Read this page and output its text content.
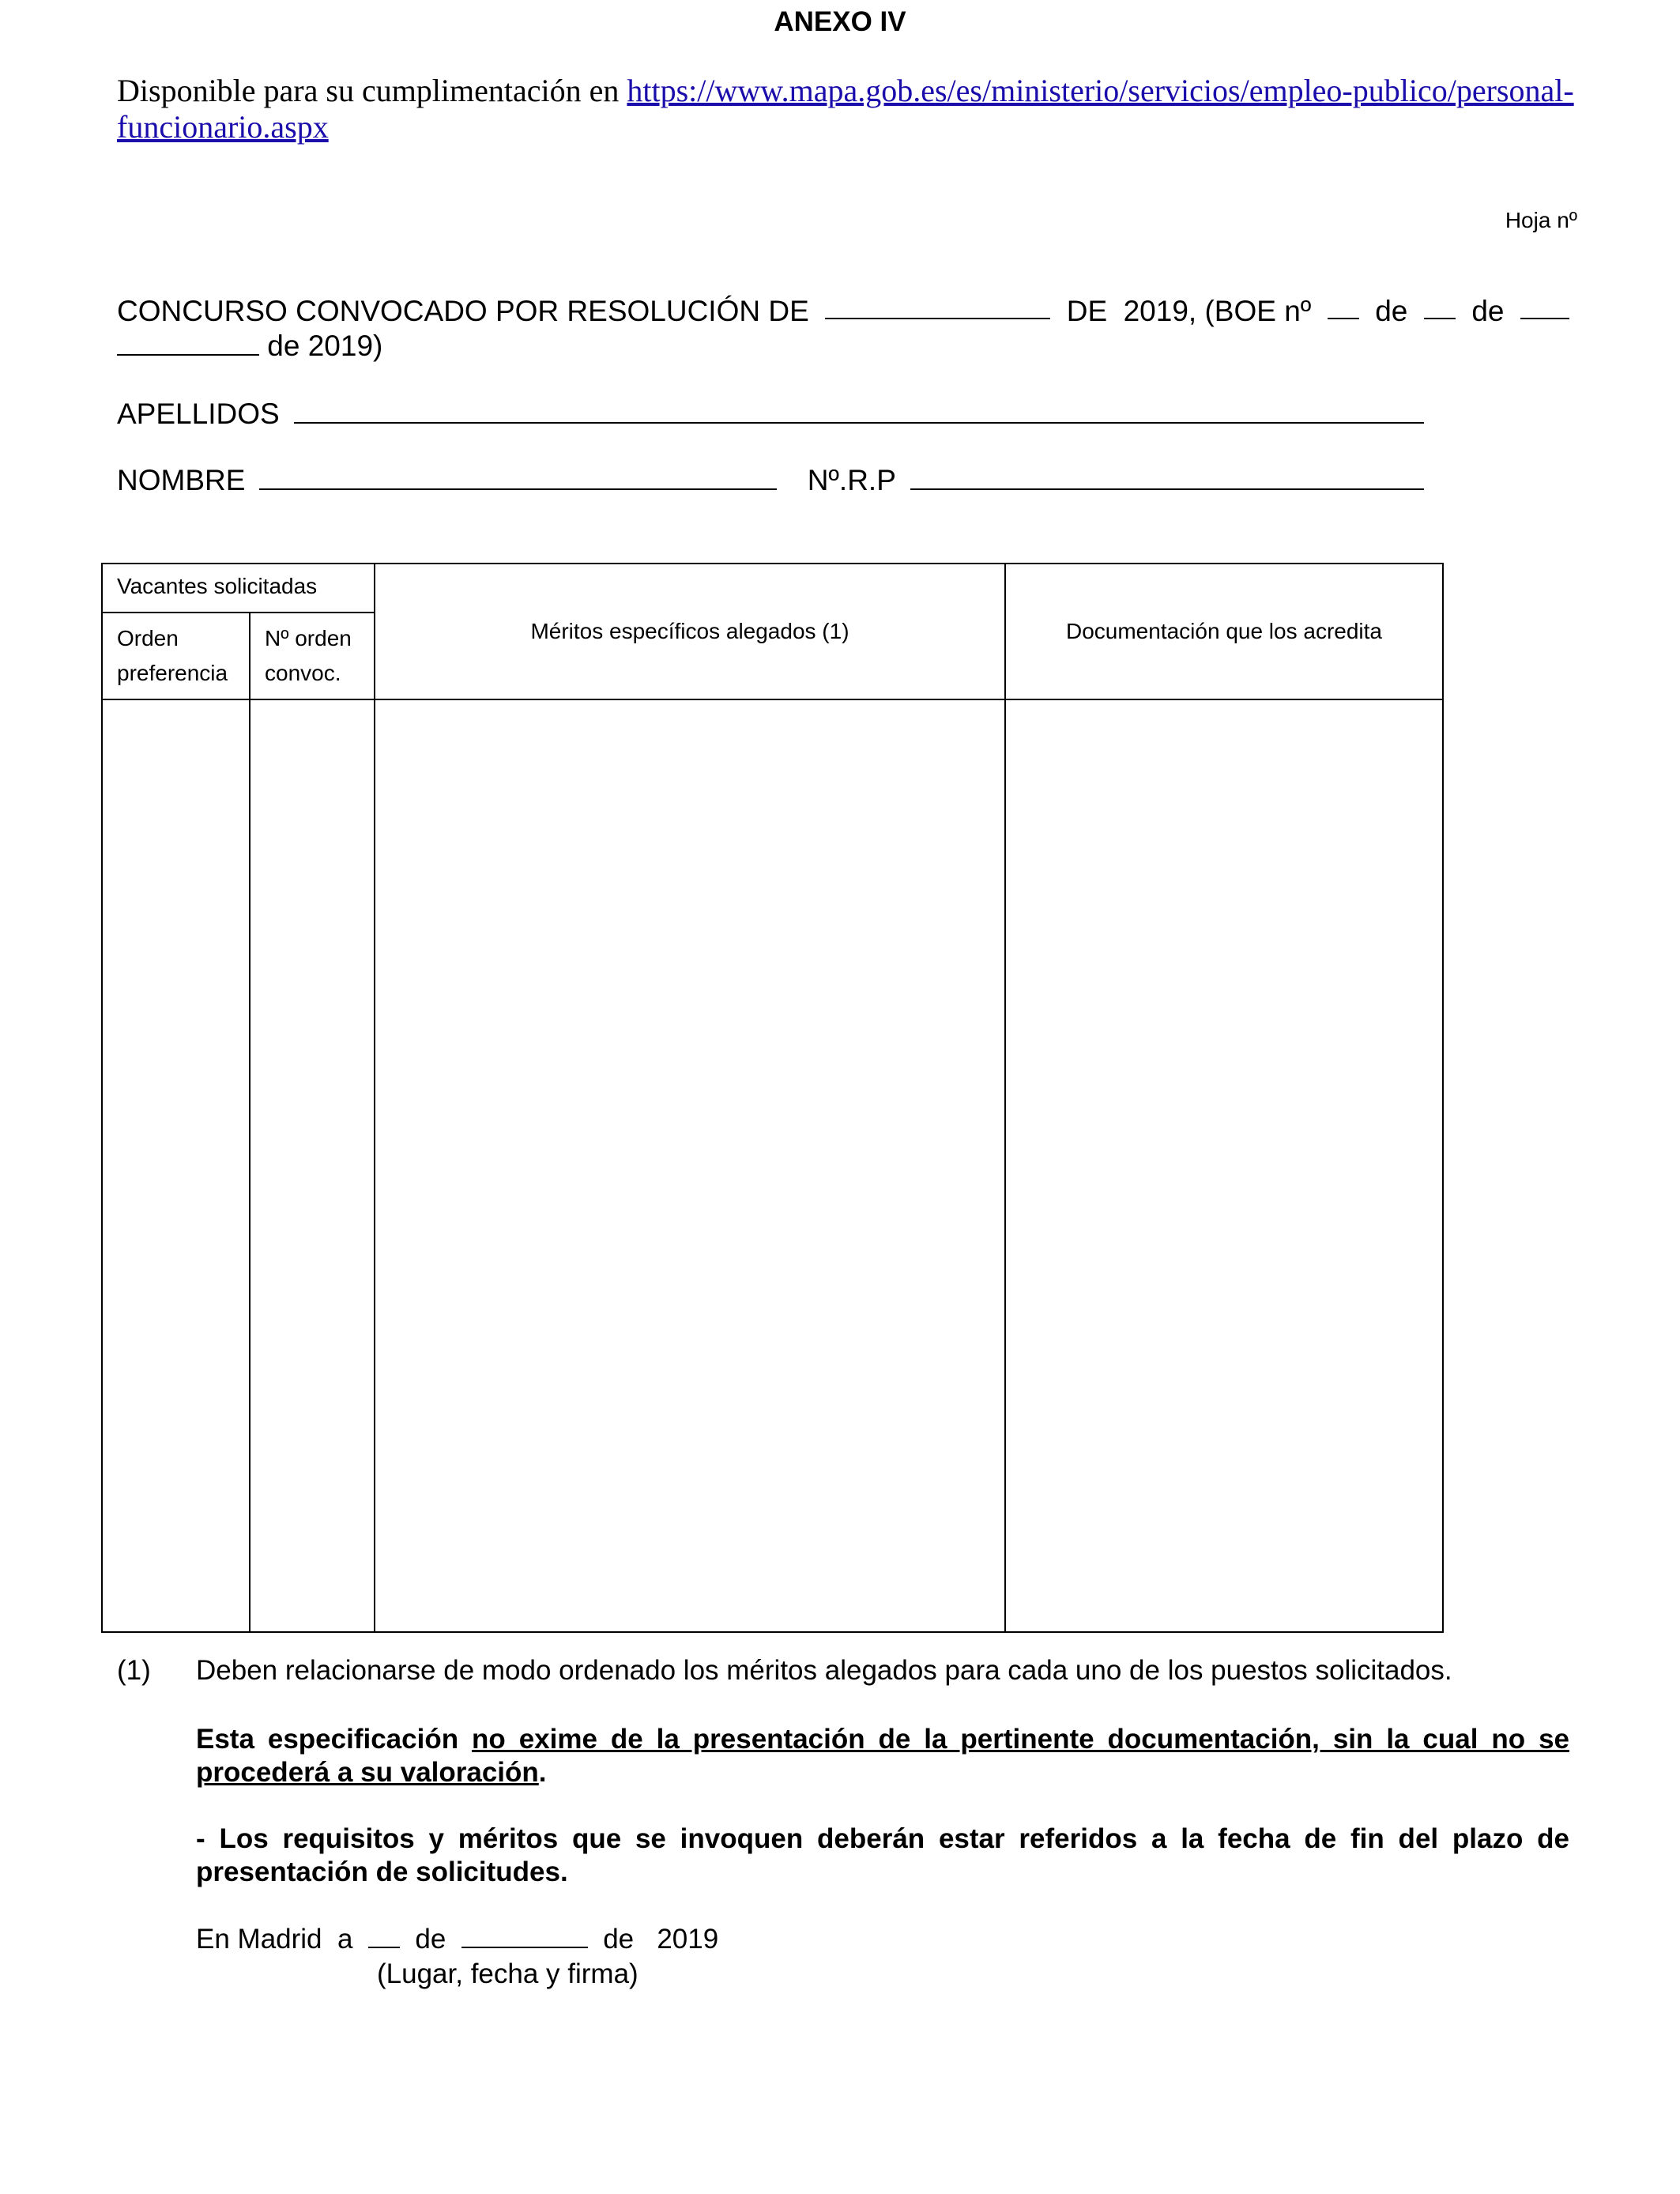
ANEXO IV
Disponible para su cumplimentación en https://www.mapa.gob.es/es/ministerio/servicios/empleo-publico/personal-funcionario.aspx
Hoja nº
CONCURSO CONVOCADO POR RESOLUCIÓN DE	DE 2019, (BOE nº de de
de 2019)
APELLIDOS
NOMBRE	Nº.R.P
Vacantes solicitadas		Méritos específicos alegados (1)	Documentación que los acredita

Orden preferencia	Nº orden convoc.		

(1) Deben relacionarse de modo ordenado los méritos alegados para cada uno de los puestos solicitados.
Esta especificación no exime de la presentación de la pertinente documentación, sin la cual no se procederá a su valoración.
- Los requisitos y méritos que se invoquen deberán estar referidos a la fecha de fin del plazo de presentación de solicitudes.
En Madrid a de	de 2019
(Lugar, fecha y firma)
